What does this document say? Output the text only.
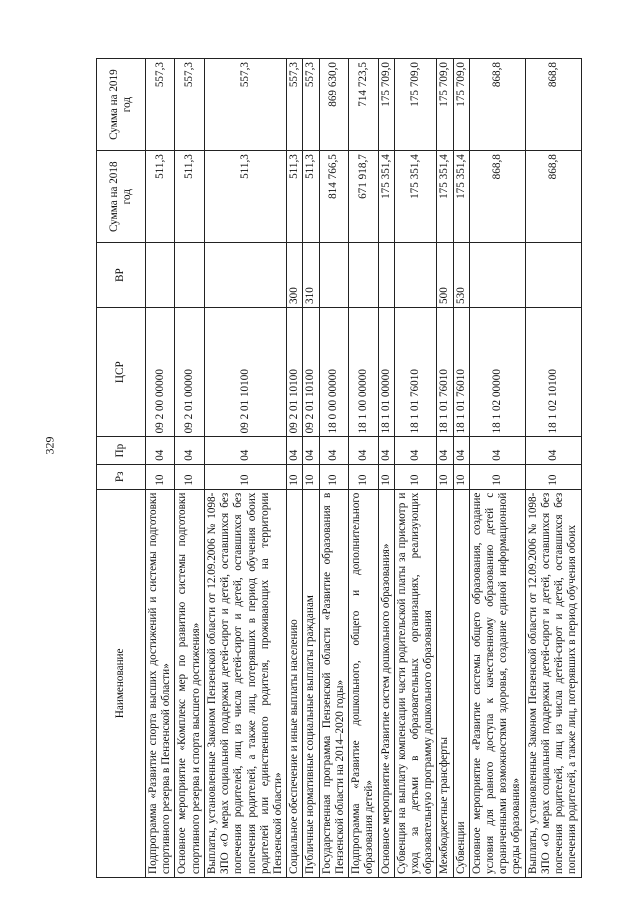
329
Наименование	Рз	Пр	ЦСР	ВР	Сумма на 2018 год	Сумма на 2019 год
Подпрограмма «Развитие спорта высших достижений и системы подготовки спортивного резерва в Пензенской области»	10	04	09 2 00 00000		511,3	557,3
Основное мероприятие «Комплекс мер по развитию системы подготовки спортивного резерва и спорта высшего достижения»	10	04	09 2 01 00000		511,3	557,3
Выплаты, установленные Законом Пензенской области от 12.09.2006 № 1098-ЗПО «О мерах социальной поддержки детей-сирот и детей, оставшихся без попечения родителей, лиц из числа детей-сирот и детей, оставшихся без попечения родителей, а также лиц, потерявших в период обучения обоих родителей или единственного родителя, проживающих на территории Пензенской области»	10	04	09 2 01 10100		511,3	557,3
Социальное обеспечение и иные выплаты населению	10	04	09 2 01 10100	300	511,3	557,3
Публичные нормативные социальные выплаты гражданам	10	04	09 2 01 10100	310	511,3	557,3
Государственная программа Пензенской области «Развитие образования в Пензенской области на 2014–2020 годы»	10	04	18 0 00 00000		814 766,5	869 630,0
Подпрограмма «Развитие дошкольного, общего и дополнительного образования детей»	10	04	18 1 00 00000		671 918,7	714 723,5
Основное мероприятие «Развитие систем дошкольного образования»	10	04	18 1 01 00000		175 351,4	175 709,0
Субвенция на выплату компенсации части родительской платы за присмотр и уход за детьми в образовательных организациях, реализующих образовательную программу дошкольного образования	10	04	18 1 01 76010		175 351,4	175 709,0
Межбюджетные трансферты	10	04	18 1 01 76010	500	175 351,4	175 709,0
Субвенции	10	04	18 1 01 76010	530	175 351,4	175 709,0
Основное мероприятие «Развитие системы общего образования, создание условия для равного доступа к качественному образованию детей с ограниченными возможностями здоровья, создание единой информационной среды образования»	10	04	18 1 02 00000		868,8	868,8
Выплаты, установленные Законом Пензенской области от 12.09.2006 № 1098-ЗПО «О мерах социальной поддержки детей-сирот и детей, оставшихся без попечения родителей, лиц из числа детей-сирот и детей, оставшихся без попечения родителей, а также лиц, потерявших в период обучения обоих	10	04	18 1 02 10100		868,8	868,8
